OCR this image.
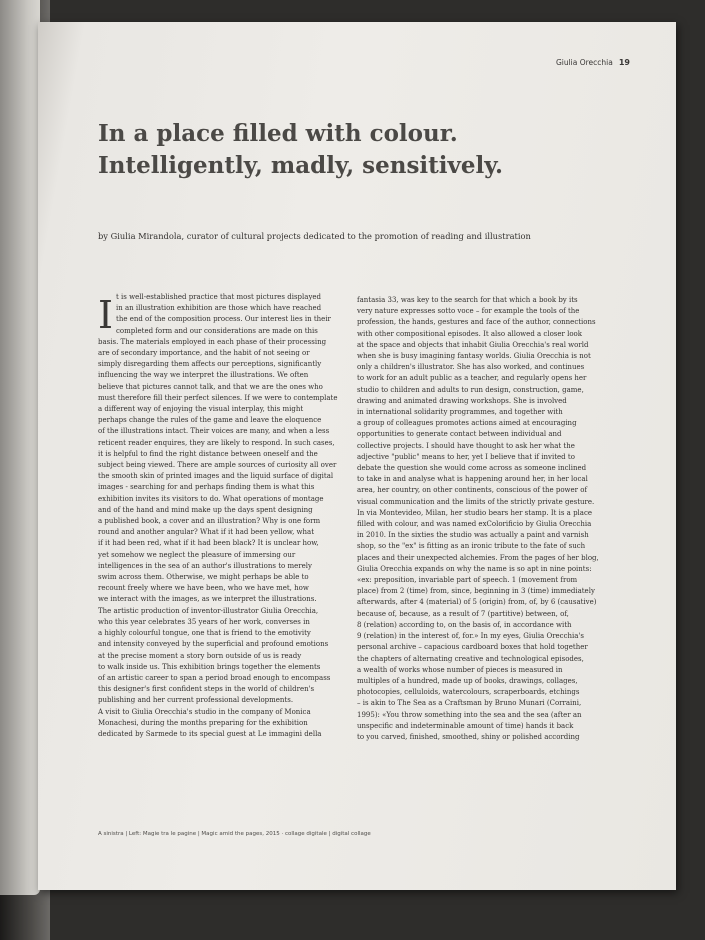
Giulia Orecchia 19
In a place filled with colour.
Intelligently, madly, sensitively.
by Giulia Mirandola, curator of cultural projects dedicated to the promotion of reading and illustration
I t is well-established practice that most pictures displayed
in an illustration exhibition are those which have reached
the end of the composition process. Our interest lies in their
completed form and our considerations are made on this
basis. The materials employed in each phase of their processing
are of secondary importance, and the habit of not seeing or
simply disregarding them affects our perceptions, significantly
influencing the way we interpret the illustrations. We often
believe that pictures cannot talk, and that we are the ones who
must therefore fill their perfect silences. If we were to contemplate
a different way of enjoying the visual interplay, this might
perhaps change the rules of the game and leave the eloquence
of the illustrations intact. Their voices are many, and when a less
reticent reader enquires, they are likely to respond. In such cases,
it is helpful to find the right distance between oneself and the
subject being viewed. There are ample sources of curiosity all over
the smooth skin of printed images and the liquid surface of digital
images - searching for and perhaps finding them is what this
exhibition invites its visitors to do. What operations of montage
and of the hand and mind make up the days spent designing
a published book, a cover and an illustration? Why is one form
round and another angular? What if it had been yellow, what
if it had been red, what if it had been black? It is unclear how,
yet somehow we neglect the pleasure of immersing our
intelligences in the sea of an author's illustrations to merely
swim across them. Otherwise, we might perhaps be able to
recount freely where we have been, who we have met, how
we interact with the images, as we interpret the illustrations.
The artistic production of inventor-illustrator Giulia Orecchia,
who this year celebrates 35 years of her work, converses in
a highly colourful tongue, one that is friend to the emotivity
and intensity conveyed by the superficial and profound emotions
at the precise moment a story born outside of us is ready
to walk inside us. This exhibition brings together the elements
of an artistic career to span a period broad enough to encompass
this designer's first confident steps in the world of children's
publishing and her current professional developments.
A visit to Giulia Orecchia's studio in the company of Monica
Monachesi, during the months preparing for the exhibition
dedicated by Sarmede to its special guest at Le immagini della
fantasia 33, was key to the search for that which a book by its
very nature expresses sotto voce – for example the tools of the
profession, the hands, gestures and face of the author, connections
with other compositional episodes. It also allowed a closer look
at the space and objects that inhabit Giulia Orecchia's real world
when she is busy imagining fantasy worlds. Giulia Orecchia is not
only a children's illustrator. She has also worked, and continues
to work for an adult public as a teacher, and regularly opens her
studio to children and adults to run design, construction, game,
drawing and animated drawing workshops. She is involved
in international solidarity programmes, and together with
a group of colleagues promotes actions aimed at encouraging
opportunities to generate contact between individual and
collective projects. I should have thought to ask her what the
adjective "public" means to her, yet I believe that if invited to
debate the question she would come across as someone inclined
to take in and analyse what is happening around her, in her local
area, her country, on other continents, conscious of the power of
visual communication and the limits of the strictly private gesture.
In via Montevideo, Milan, her studio bears her stamp. It is a place
filled with colour, and was named exColorificio by Giulia Orecchia
in 2010. In the sixties the studio was actually a paint and varnish
shop, so the "ex" is fitting as an ironic tribute to the fate of such
places and their unexpected alchemies. From the pages of her blog,
Giulia Orecchia expands on why the name is so apt in nine points:
«ex: preposition, invariable part of speech. 1 (movement from
place) from 2 (time) from, since, beginning in 3 (time) immediately
afterwards, after 4 (material) of 5 (origin) from, of, by 6 (causative)
because of, because, as a result of 7 (partitive) between, of,
8 (relation) according to, on the basis of, in accordance with
9 (relation) in the interest of, for.» In my eyes, Giulia Orecchia's
personal archive – capacious cardboard boxes that hold together
the chapters of alternating creative and technological episodes,
a wealth of works whose number of pieces is measured in
multiples of a hundred, made up of books, drawings, collages,
photocopies, celluloids, watercolours, scraperboards, etchings
– is akin to The Sea as a Craftsman by Bruno Munari (Corraini,
1995): «You throw something into the sea and the sea (after an
unspecific and indeterminable amount of time) hands it back
to you carved, finished, smoothed, shiny or polished according
A sinistra | Left: Magie tra le pagine | Magic amid the pages, 2015 · collage digitale | digital collage
